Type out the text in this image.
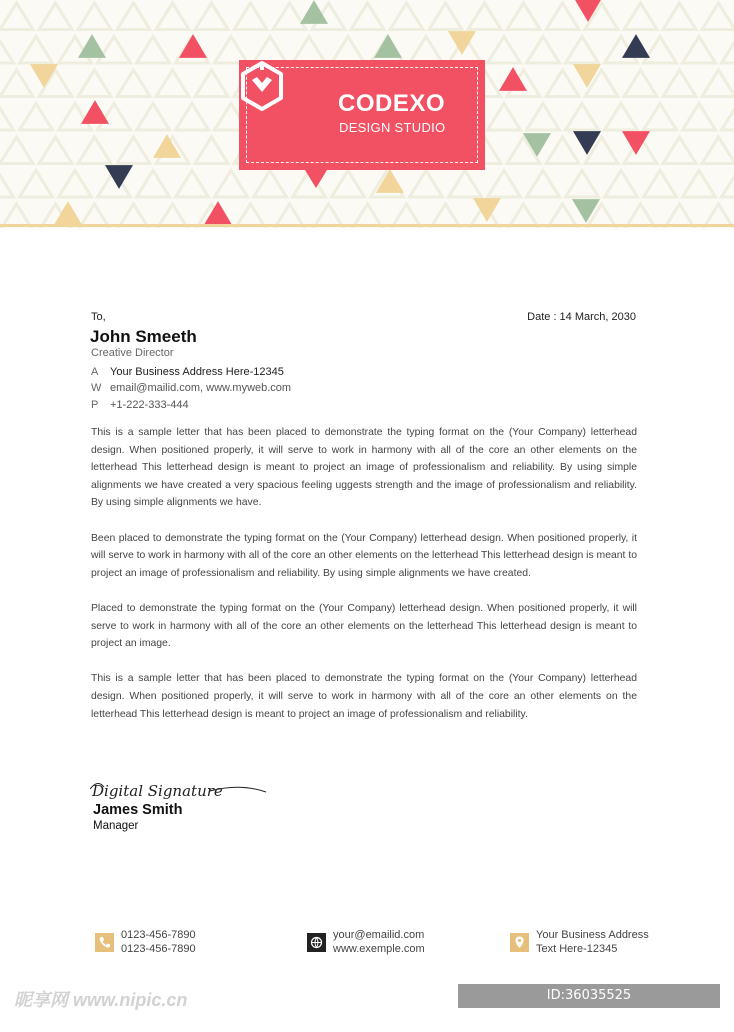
CODEXO
DESIGN STUDIO
To,
John Smeeth
Creative Director
Date : 14 March, 2030
A Your Business Address Here-12345
W email@mailid.com, www.myweb.com
P +1-222-333-444

This is a sample letter that has been placed to demonstrate the typing format on the (Your Company) letterhead design. When positioned properly, it will serve to work in harmony with all of the core an other elements on the letterhead This letterhead design is meant to project an image of professionalism and reliability. By using simple alignments we have created a very spacious feeling uggests strength and the image of professionalism and reliability. By using simple alignments we have.

Been placed to demonstrate the typing format on the (Your Company) letterhead design. When positioned properly, it will serve to work in harmony with all of the core an other elements on the letterhead This letterhead design is meant to project an image of professionalism and reliability. By using simple alignments we have created.

Placed to demonstrate the typing format on the (Your Company) letterhead design. When positioned properly, it will serve to work in harmony with all of the core an other elements on the letterhead This letterhead design is meant to project an image.

This is a sample letter that has been placed to demonstrate the typing format on the (Your Company) letterhead design. When positioned properly, it will serve to work in harmony with all of the core an other elements on the letterhead This letterhead design is meant to project an image of professionalism and reliability.

Digital Signature
James Smith
Manager
0123-456-7890
0123-456-7890
your@emailid.com
www.exemple.com
Your Business Address
Text Here-12345
昵享网 www.nipic.cn	ID:36035525 NO:20260911210749763101
